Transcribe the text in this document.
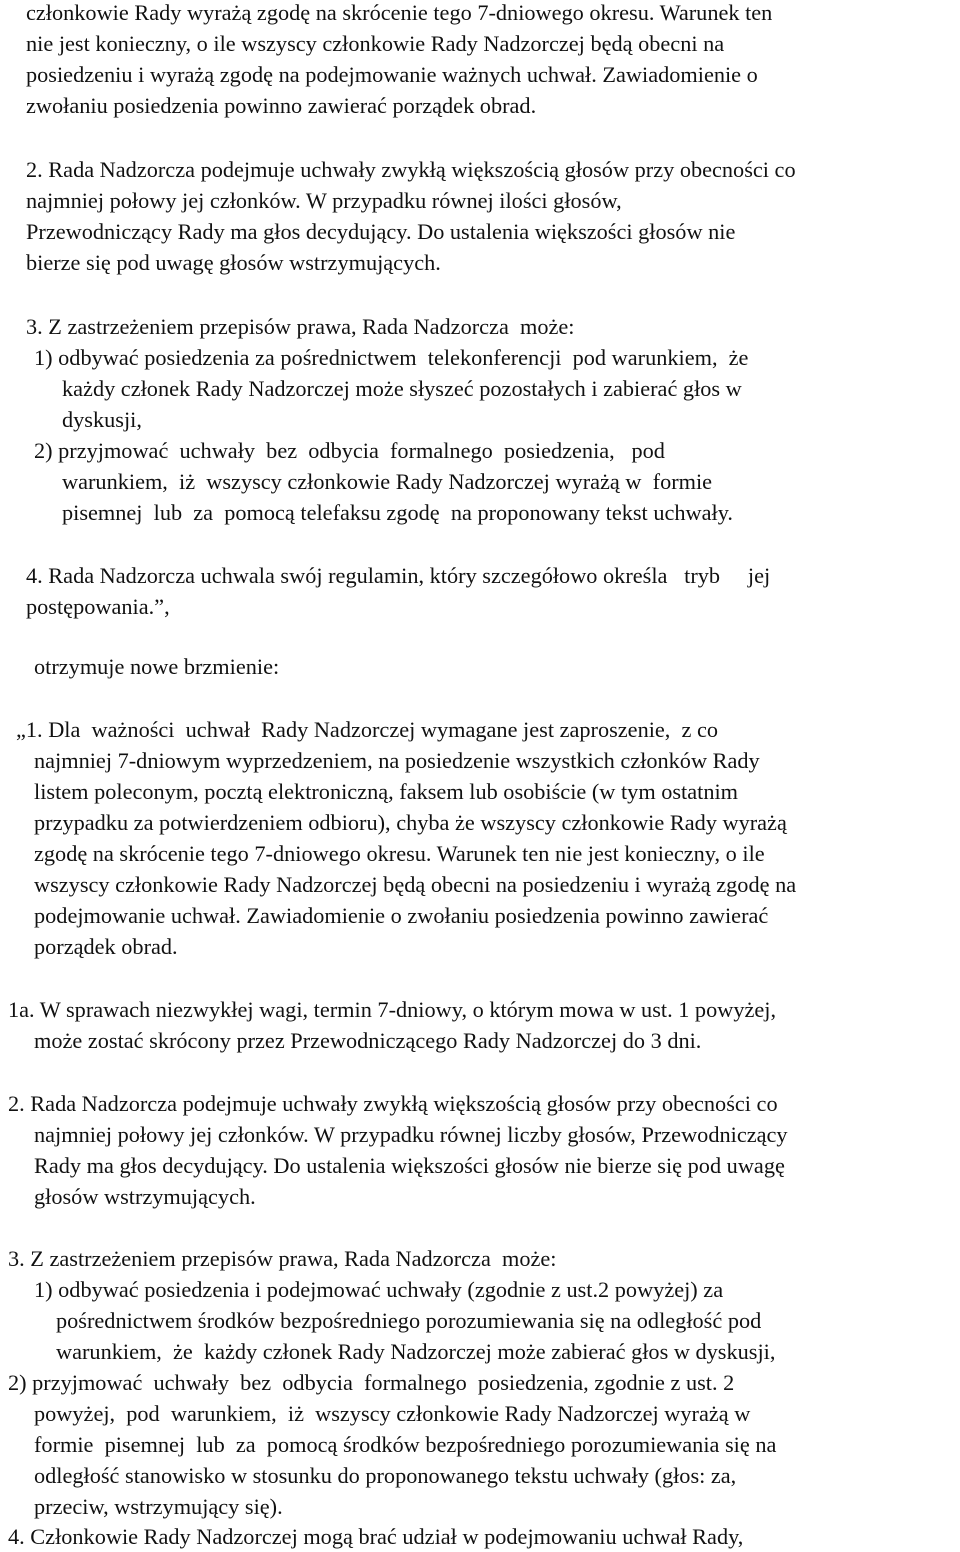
członkowie Rady wyrażą zgodę na skrócenie tego 7-dniowego okresu. Warunek ten
nie jest konieczny, o ile wszyscy członkowie Rady Nadzorczej będą obecni na
posiedzeniu i wyrażą zgodę na podejmowanie ważnych uchwał. Zawiadomienie o
zwołaniu posiedzenia powinno zawierać porządek obrad.
2. Rada Nadzorcza podejmuje uchwały zwykłą większością głosów przy obecności co
najmniej połowy jej członków. W przypadku równej ilości głosów,
Przewodniczący Rady ma głos decydujący. Do ustalenia większości głosów nie
bierze się pod uwagę głosów wstrzymujących.
3. Z zastrzeżeniem przepisów prawa, Rada Nadzorcza  może:
1) odbywać posiedzenia za pośrednictwem  telekonferencji  pod warunkiem,  że
każdy członek Rady Nadzorczej może słyszeć pozostałych i zabierać głos w
dyskusji,
2) przyjmować  uchwały  bez  odbycia  formalnego  posiedzenia,   pod
warunkiem,  iż  wszyscy członkowie Rady Nadzorczej wyrażą w  formie
pisemnej  lub  za  pomocą telefaksu zgodę  na proponowany tekst uchwały.
4. Rada Nadzorcza uchwala swój regulamin, który szczegółowo określa   tryb     jej
postępowania.”,
otrzymuje nowe brzmienie:
„1. Dla  ważności  uchwał  Rady Nadzorczej wymagane jest zaproszenie,  z co
najmniej 7-dniowym wyprzedzeniem, na posiedzenie wszystkich członków Rady
listem poleconym, pocztą elektroniczną, faksem lub osobiście (w tym ostatnim
przypadku za potwierdzeniem odbioru), chyba że wszyscy członkowie Rady wyrażą
zgodę na skrócenie tego 7-dniowego okresu. Warunek ten nie jest konieczny, o ile
wszyscy członkowie Rady Nadzorczej będą obecni na posiedzeniu i wyrażą zgodę na
podejmowanie uchwał. Zawiadomienie o zwołaniu posiedzenia powinno zawierać
porządek obrad.
1a. W sprawach niezwykłej wagi, termin 7-dniowy, o którym mowa w ust. 1 powyżej,
może zostać skrócony przez Przewodniczącego Rady Nadzorczej do 3 dni.
2. Rada Nadzorcza podejmuje uchwały zwykłą większością głosów przy obecności co
najmniej połowy jej członków. W przypadku równej liczby głosów, Przewodniczący
Rady ma głos decydujący. Do ustalenia większości głosów nie bierze się pod uwagę
głosów wstrzymujących.
3. Z zastrzeżeniem przepisów prawa, Rada Nadzorcza  może:
1) odbywać posiedzenia i podejmować uchwały (zgodnie z ust.2 powyżej) za
pośrednictwem środków bezpośredniego porozumiewania się na odległość pod
warunkiem,  że  każdy członek Rady Nadzorczej może zabierać głos w dyskusji,
2) przyjmować  uchwały  bez  odbycia  formalnego  posiedzenia, zgodnie z ust. 2
powyżej,  pod  warunkiem,  iż  wszyscy członkowie Rady Nadzorczej wyrażą w
formie  pisemnej  lub  za  pomocą środków bezpośredniego porozumiewania się na
odległość stanowisko w stosunku do proponowanego tekstu uchwały (głos: za,
przeciw, wstrzymujący się).
4. Członkowie Rady Nadzorczej mogą brać udział w podejmowaniu uchwał Rady,
